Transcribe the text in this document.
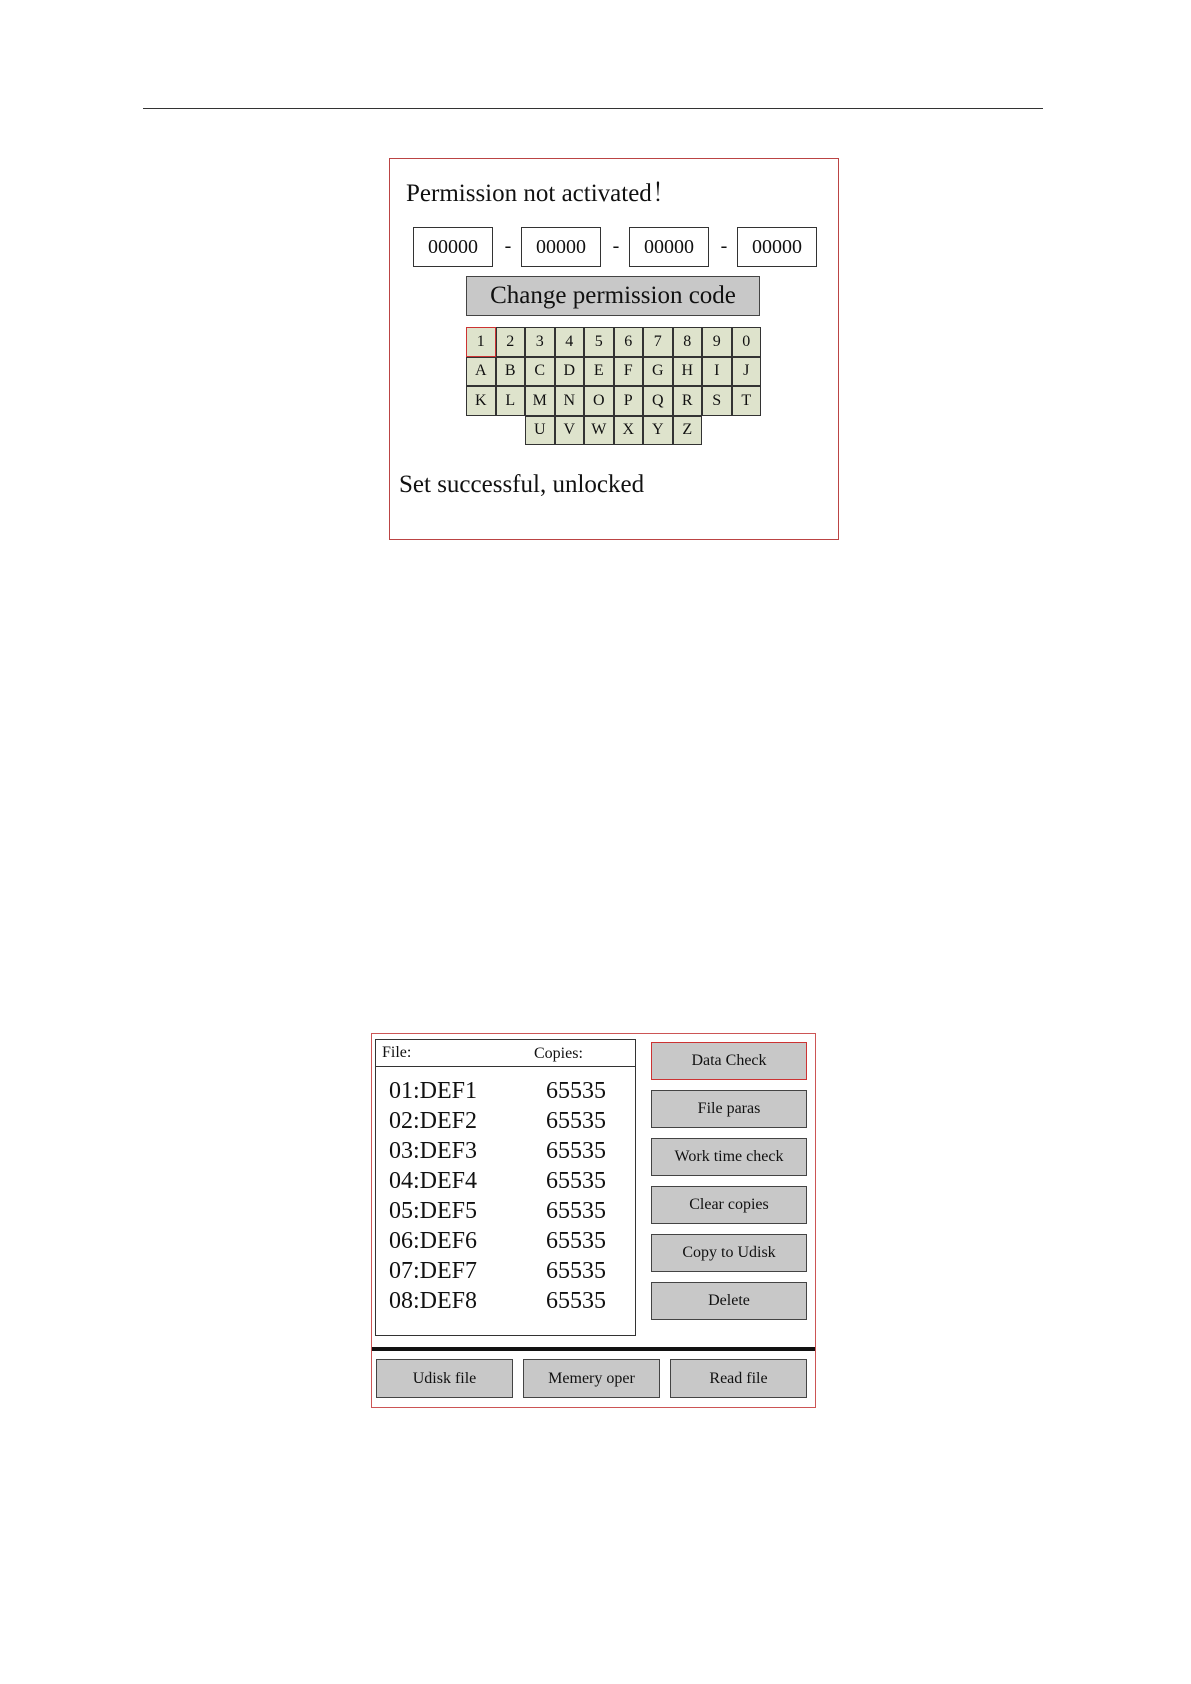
Permission not activated！
00000	-	00000	-	00000	-	00000
Change permission code
1	2	3	4	5	6	7	8	9	0
A	B	C	D	E	F	G	H	I	J
K	L	M	N	O	P	Q	R	S	T
U	V	W	X	Y	Z
Set successful, unlocked
File:	Copies:
01:DEF1	65535
02:DEF2	65535
03:DEF3	65535
04:DEF4	65535
05:DEF5	65535
06:DEF6	65535
07:DEF7	65535
08:DEF8	65535
Data Check
File paras
Work time check
Clear copies
Copy to Udisk
Delete
Udisk file	Memery oper	Read file
